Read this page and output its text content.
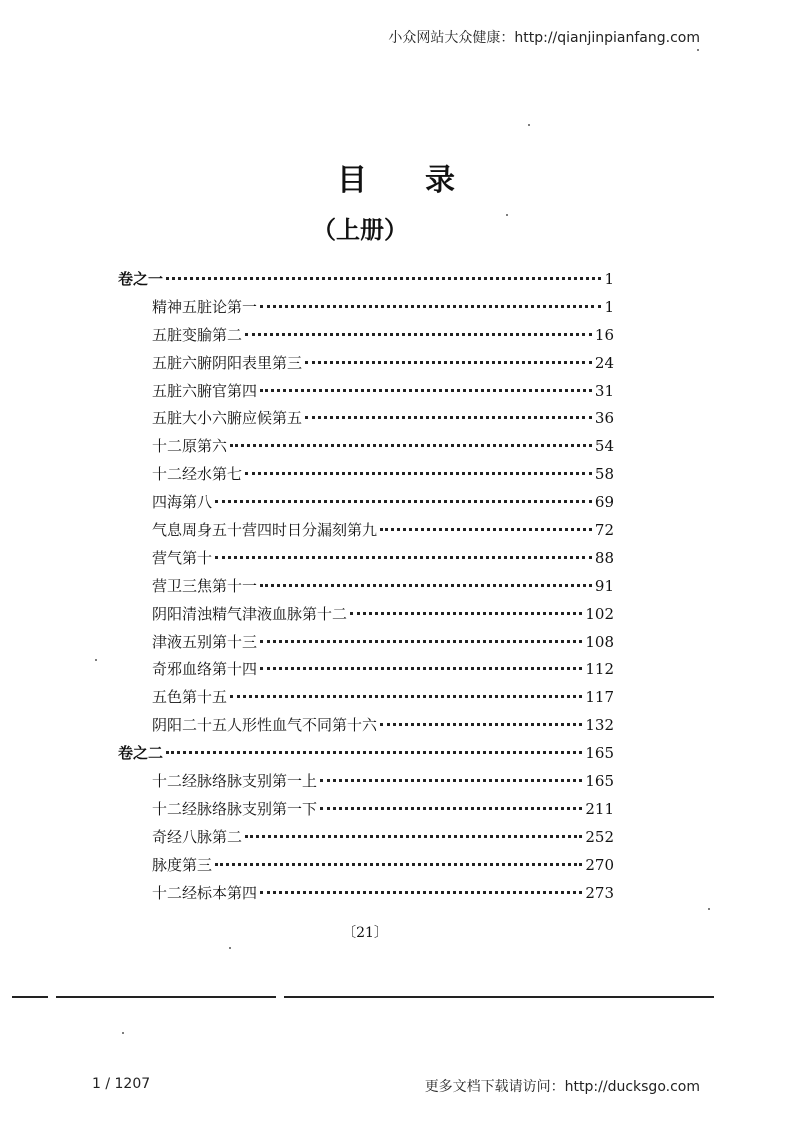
小众网站大众健康：http://qianjinpianfang.com
目录
（上册）
卷之一	1
精神五脏论第一	1
五脏变腧第二	16
五脏六腑阴阳表里第三	24
五脏六腑官第四	31
五脏大小六腑应候第五	36
十二原第六	54
十二经水第七	58
四海第八	69
气息周身五十营四时日分漏刻第九	72
营气第十	88
营卫三焦第十一	91
阴阳清浊精气津液血脉第十二	102
津液五别第十三	108
奇邪血络第十四	112
五色第十五	117
阴阳二十五人形性血气不同第十六	132
卷之二	165
十二经脉络脉支别第一上	165
十二经脉络脉支别第一下	211
奇经八脉第二	252
脉度第三	270
十二经标本第四	273
〔21〕
1 / 1207	更多文档下载请访问：http://ducksgo.com
